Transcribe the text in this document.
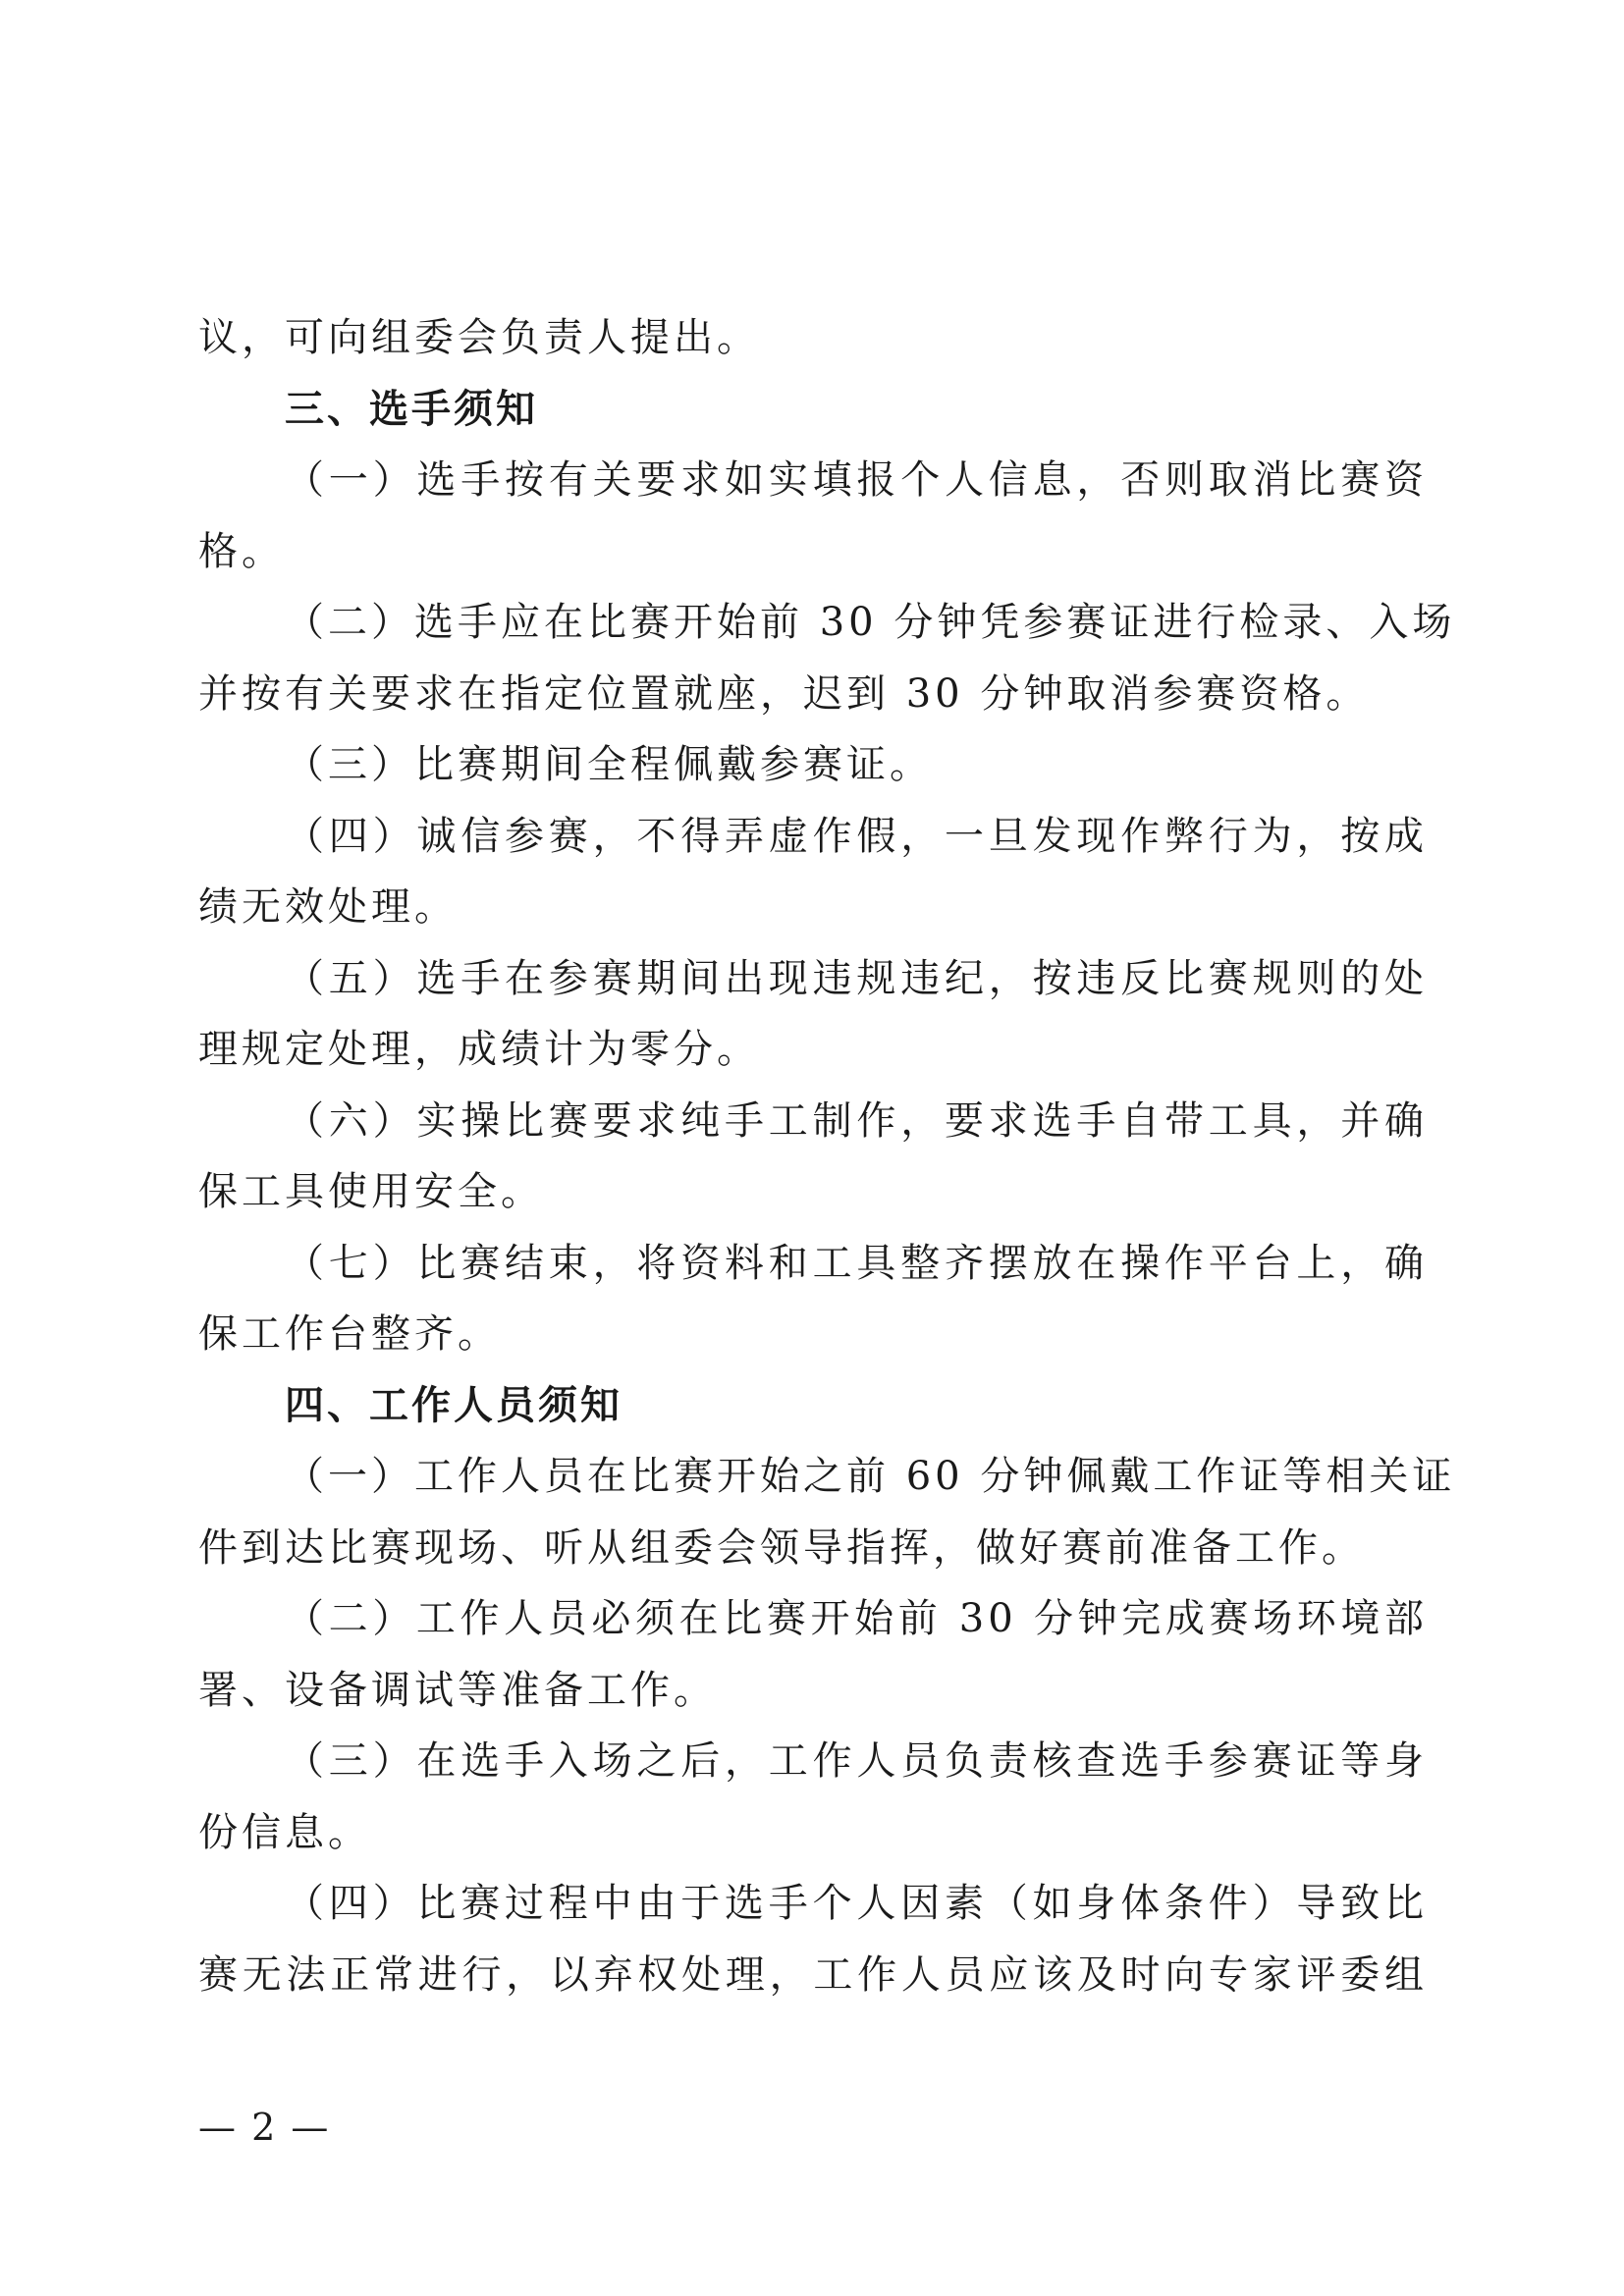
议，可向组委会负责人提出。
三、选手须知
（一）选手按有关要求如实填报个人信息，否则取消比赛资
格。
（二）选手应在比赛开始前 30 分钟凭参赛证进行检录、入场
并按有关要求在指定位置就座，迟到 30 分钟取消参赛资格。
（三）比赛期间全程佩戴参赛证。
（四）诚信参赛，不得弄虚作假，一旦发现作弊行为，按成
绩无效处理。
（五）选手在参赛期间出现违规违纪，按违反比赛规则的处
理规定处理，成绩计为零分。
（六）实操比赛要求纯手工制作，要求选手自带工具，并确
保工具使用安全。
（七）比赛结束，将资料和工具整齐摆放在操作平台上，确
保工作台整齐。
四、工作人员须知
（一）工作人员在比赛开始之前 60 分钟佩戴工作证等相关证
件到达比赛现场、听从组委会领导指挥，做好赛前准备工作。
（二）工作人员必须在比赛开始前 30 分钟完成赛场环境部
署、设备调试等准备工作。
（三）在选手入场之后，工作人员负责核查选手参赛证等身
份信息。
（四）比赛过程中由于选手个人因素（如身体条件）导致比
赛无法正常进行，以弃权处理，工作人员应该及时向专家评委组
— 2 —
